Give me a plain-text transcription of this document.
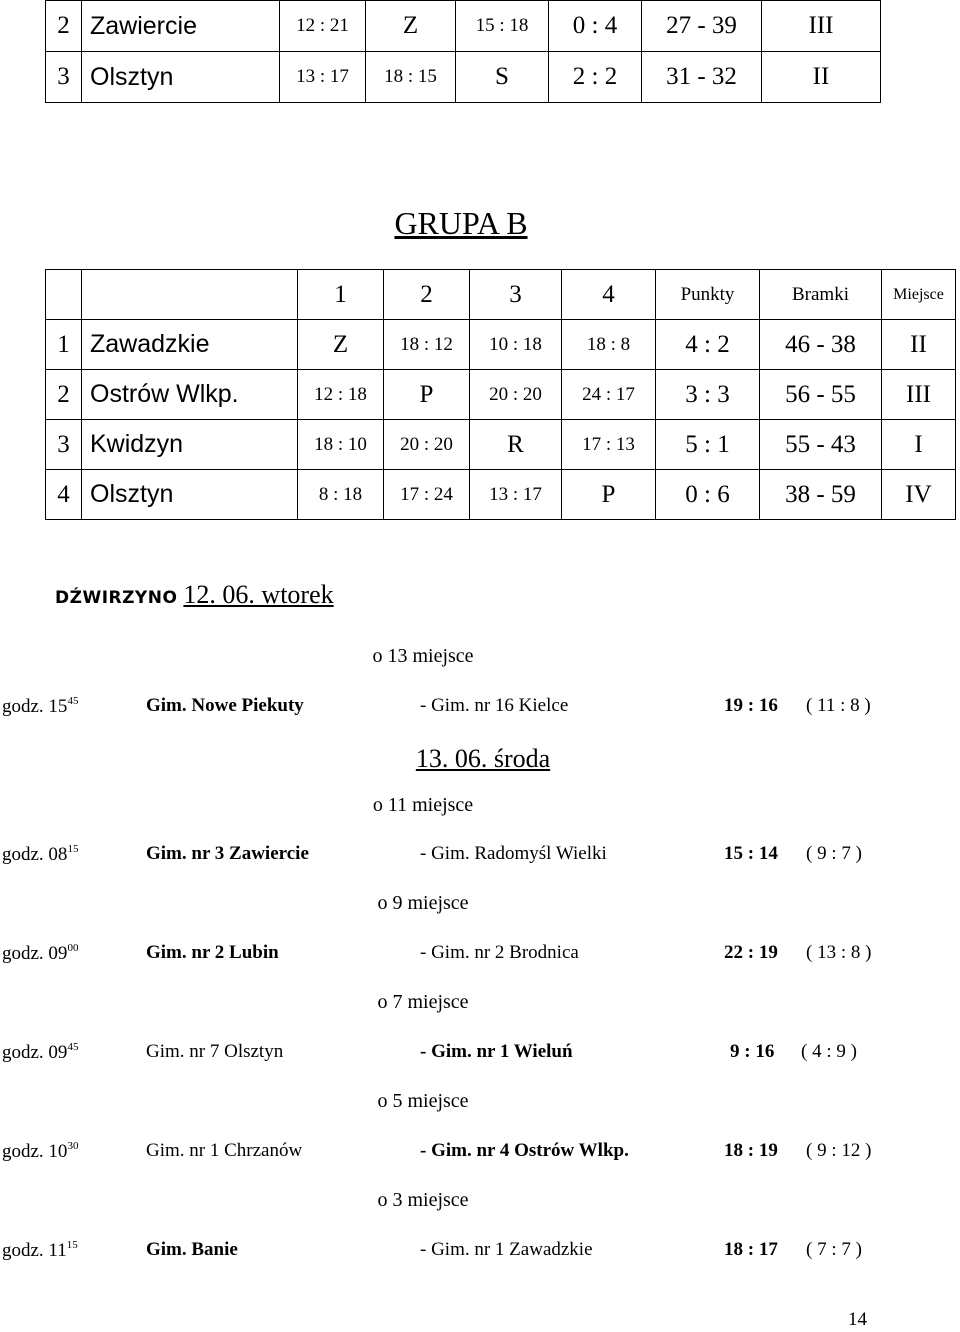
2	Zawiercie	12 : 21	Z	15 : 18	0 : 4	27 - 39	III
3	Olsztyn	13 : 17	18 : 15	S	2 : 2	31 - 32	II
GRUPA B
		1	2	3	4	Punkty	Bramki	Miejsce
1	Zawadzkie	Z	18 : 12	10 : 18	18 : 8	4 : 2	46 - 38	II
2	Ostrów Wlkp.	12 : 18	P	20 : 20	24 : 17	3 : 3	56 - 55	III
3	Kwidzyn	18 : 10	20 : 20	R	17 : 13	5 : 1	55 - 43	I
4	Olsztyn	8 : 18	17 : 24	13 : 17	P	0 : 6	38 - 59	IV
DŹWIRZYNO 12. 06. wtorek
o 13 miejsce
godz. $15^{45}$	Gim. Nowe Piekuty	- Gim. nr 16 Kielce	19 : 16 ( 11 : 8 )
13. 06. środa
o 11 miejsce
godz. $08^{15}$	Gim. nr 3 Zawiercie	- Gim. Radomyśl Wielki	15 : 14 ( 9 : 7 )
o 9 miejsce
godz. $09^{00}$	Gim. nr 2 Lubin	- Gim. nr 2 Brodnica	22 : 19 ( 13 : 8 )
o 7 miejsce
godz. $09^{45}$	Gim. nr 7 Olsztyn	- Gim. nr 1 Wieluń	9 : 16 ( 4 : 9 )
o 5 miejsce
godz. $10^{30}$	Gim. nr 1 Chrzanów	- Gim. nr 4 Ostrów Wlkp.	18 : 19 ( 9 : 12 )
o 3 miejsce
godz. $11^{15}$	Gim. Banie	- Gim. nr 1 Zawadzkie	18 : 17 ( 7 : 7 )
14
